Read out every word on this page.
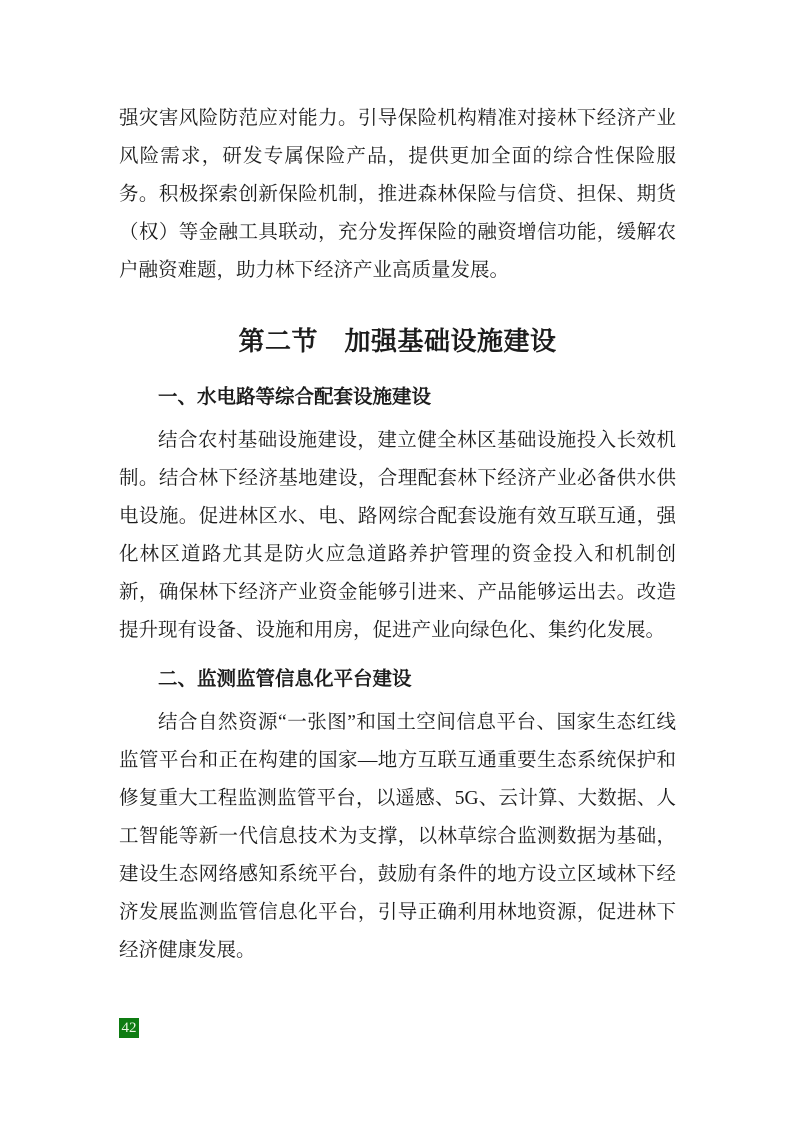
强灾害风险防范应对能力。引导保险机构精准对接林下经济产业风险需求，研发专属保险产品，提供更加全面的综合性保险服务。积极探索创新保险机制，推进森林保险与信贷、担保、期货（权）等金融工具联动，充分发挥保险的融资增信功能，缓解农户融资难题，助力林下经济产业高质量发展。

第二节　加强基础设施建设
一、水电路等综合配套设施建设

结合农村基础设施建设，建立健全林区基础设施投入长效机制。结合林下经济基地建设，合理配套林下经济产业必备供水供电设施。促进林区水、电、路网综合配套设施有效互联互通，强化林区道路尤其是防火应急道路养护管理的资金投入和机制创新，确保林下经济产业资金能够引进来、产品能够运出去。改造提升现有设备、设施和用房，促进产业向绿色化、集约化发展。

二、监测监管信息化平台建设

结合自然资源“一张图”和国土空间信息平台、国家生态红线监管平台和正在构建的国家—地方互联互通重要生态系统保护和修复重大工程监测监管平台，以遥感、5G、云计算、大数据、人工智能等新一代信息技术为支撑，以林草综合监测数据为基础，建设生态网络感知系统平台，鼓励有条件的地方设立区域林下经济发展监测监管信息化平台，引导正确利用林地资源，促进林下经济健康发展。

42
